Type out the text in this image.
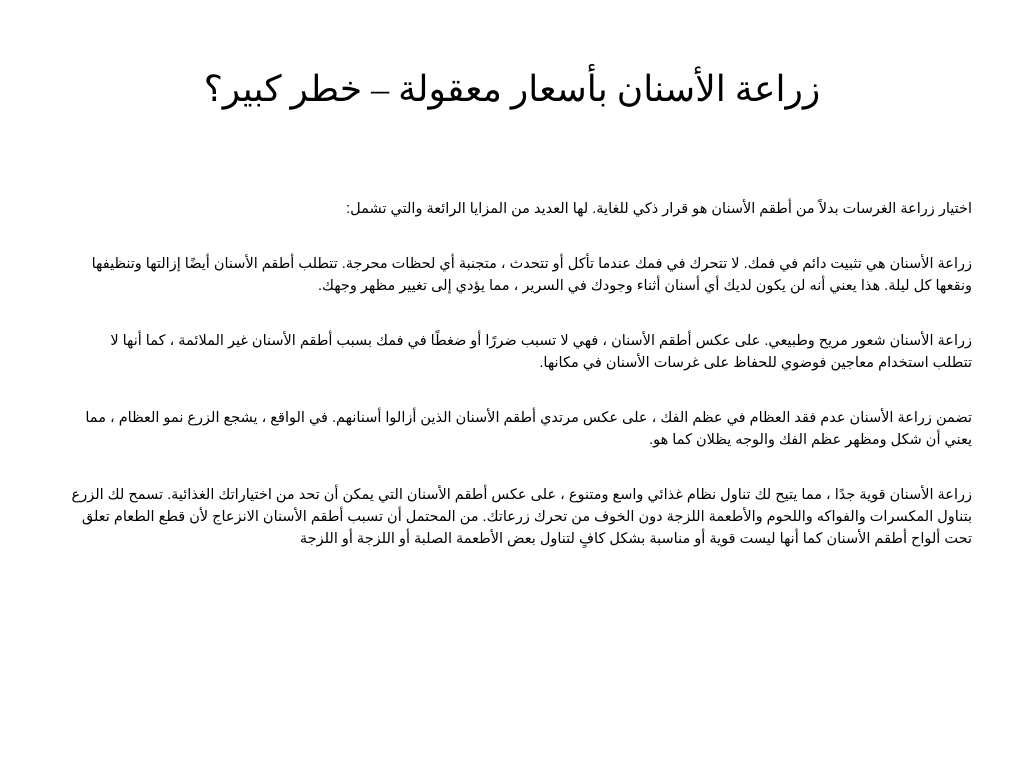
زراعة الأسنان بأسعار معقولة – خطر كبير؟

اختيار زراعة الغرسات بدلاً من أطقم الأسنان هو قرار ذكي للغاية. لها العديد من المزايا الرائعة والتي تشمل:

زراعة الأسنان هي تثبيت دائم في فمك. لا تتحرك في فمك عندما تأكل أو تتحدث ، متجنبة أي لحظات محرجة. تتطلب أطقم الأسنان أيضًا إزالتها وتنظيفها ونقعها كل ليلة. هذا يعني أنه لن يكون لديك أي أسنان أثناء وجودك في السرير ، مما يؤدي إلى تغيير مظهر وجهك.

زراعة الأسنان شعور مريح وطبيعي. على عكس أطقم الأسنان ، فهي لا تسبب ضررًا أو ضغطًا في فمك بسبب أطقم الأسنان غير الملائمة ، كما أنها لا تتطلب استخدام معاجين فوضوي للحفاظ على غرسات الأسنان في مكانها.

تضمن زراعة الأسنان عدم فقد العظام في عظم الفك ، على عكس مرتدي أطقم الأسنان الذين أزالوا أسنانهم. في الواقع ، يشجع الزرع نمو العظام ، مما يعني أن شكل ومظهر عظم الفك والوجه يظلان كما هو.

زراعة الأسنان قوية جدًا ، مما يتيح لك تناول نظام غذائي واسع ومتنوع ، على عكس أطقم الأسنان التي يمكن أن تحد من اختياراتك الغذائية. تسمح لك الزرع بتناول المكسرات والفواكه واللحوم والأطعمة اللزجة دون الخوف من تحرك زرعاتك. من المحتمل أن تسبب أطقم الأسنان الانزعاج لأن قطع الطعام تعلق تحت ألواح أطقم الأسنان كما أنها ليست قوية أو مناسبة بشكل كافٍ لتناول بعض الأطعمة الصلبة أو اللزجة أو اللزجة
